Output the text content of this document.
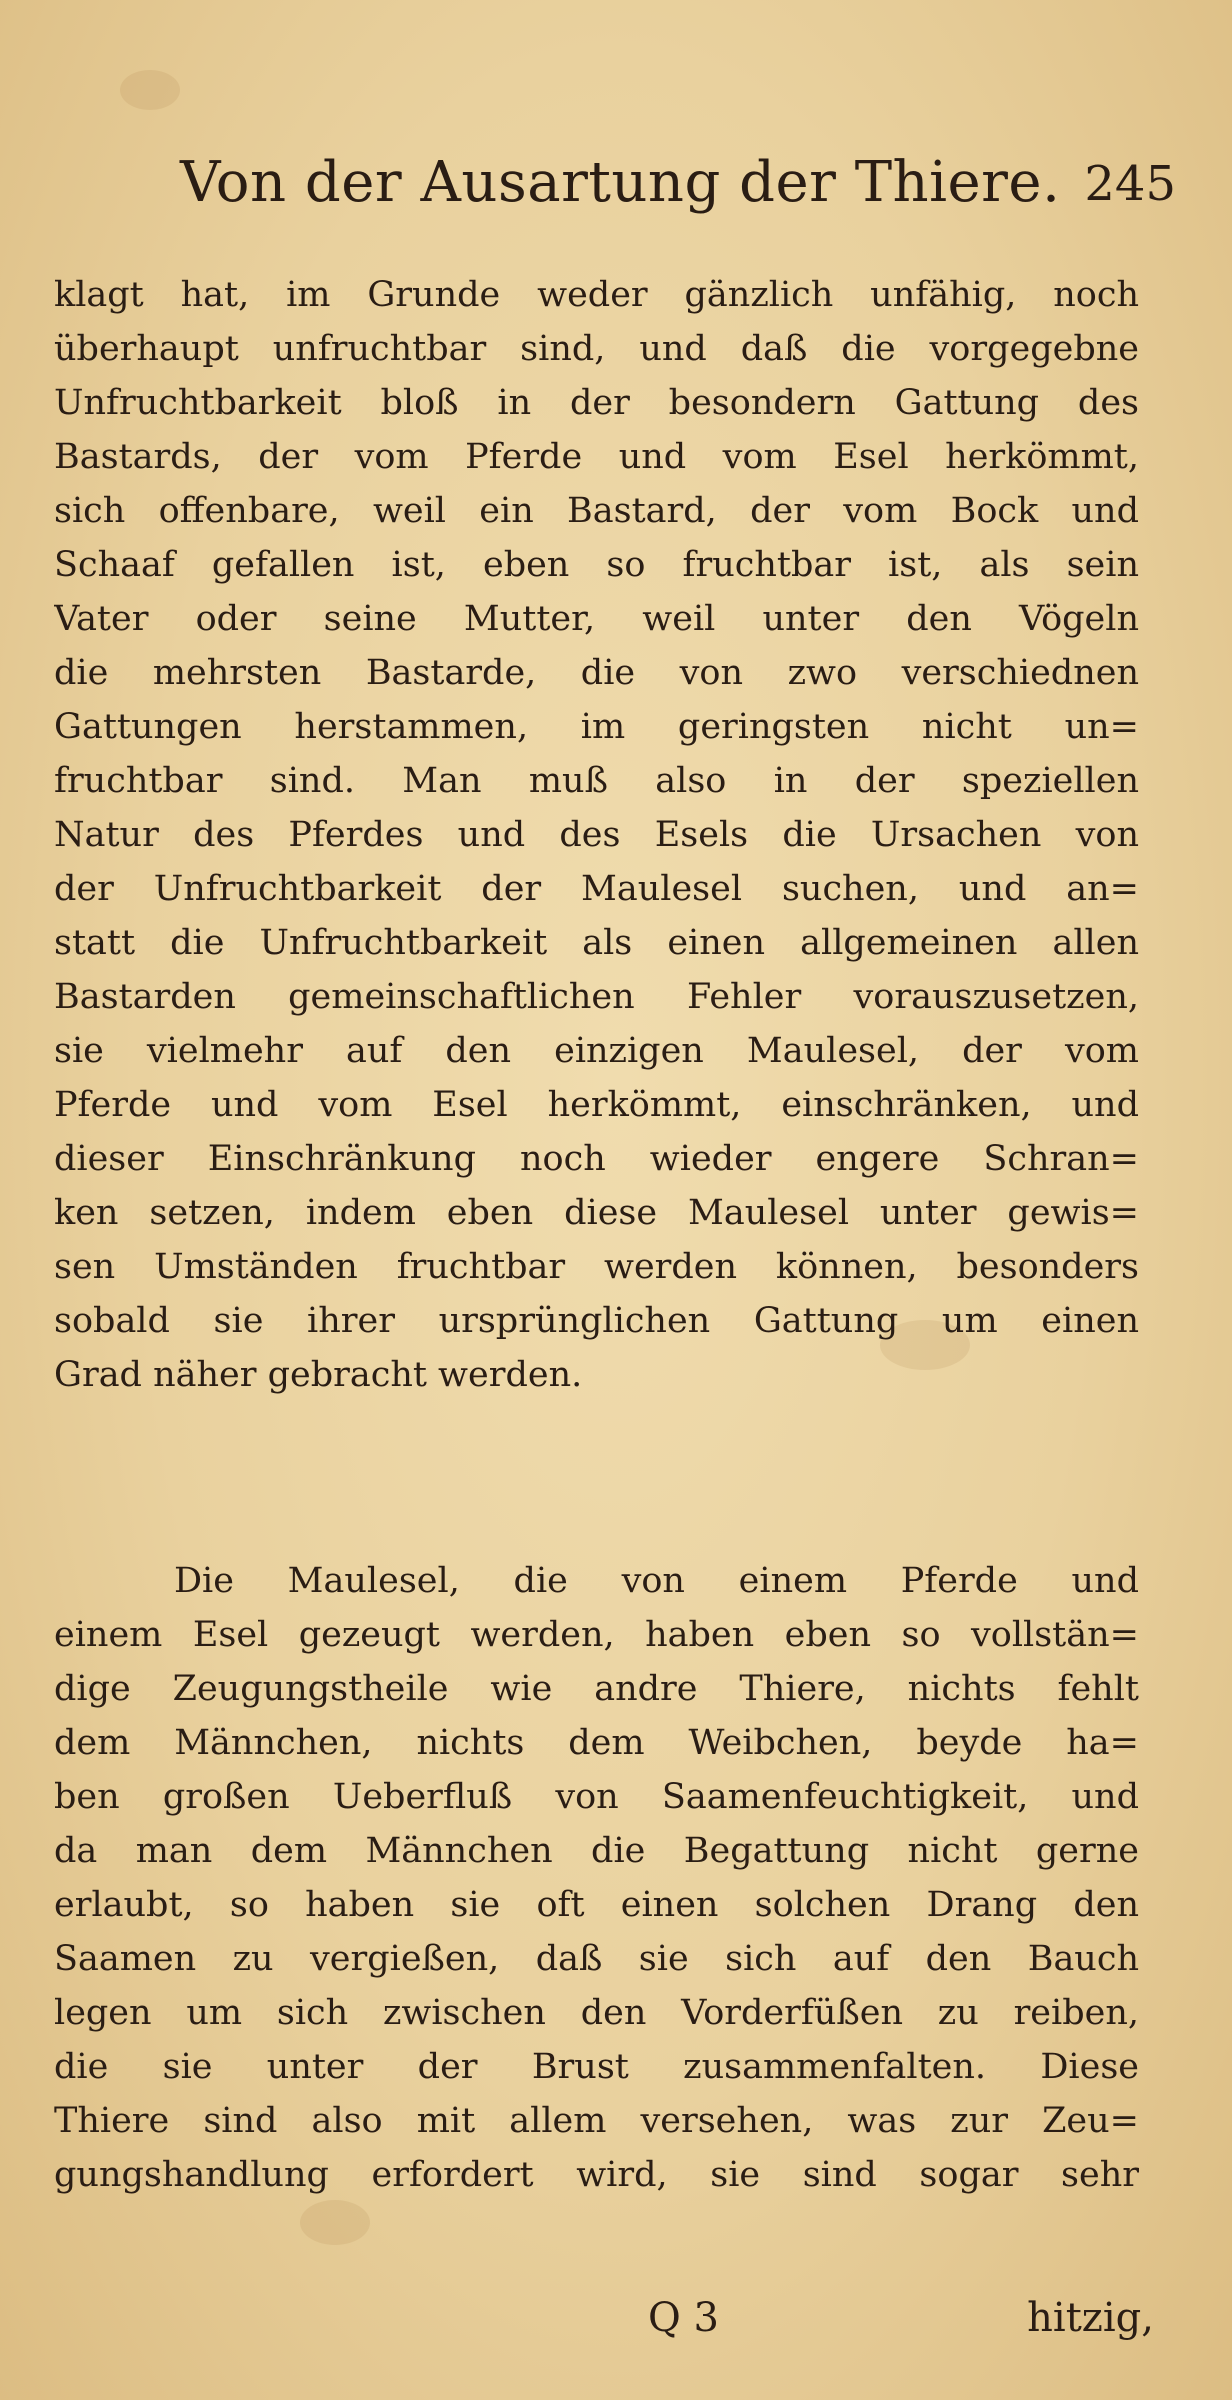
Von der Ausartung der Thiere. 245
klagt hat, im Grunde weder gänzlich unfähig, noch
überhaupt unfruchtbar sind, und daß die vorgegebne
Unfruchtbarkeit bloß in der besondern Gattung des
Bastards, der vom Pferde und vom Esel herkömmt,
sich offenbare, weil ein Bastard, der vom Bock und
Schaaf gefallen ist, eben so fruchtbar ist, als sein
Vater oder seine Mutter, weil unter den Vögeln
die mehrsten Bastarde, die von zwo verschiednen
Gattungen herstammen, im geringsten nicht un=
fruchtbar sind. Man muß also in der speziellen
Natur des Pferdes und des Esels die Ursachen von
der Unfruchtbarkeit der Maulesel suchen, und an=
statt die Unfruchtbarkeit als einen allgemeinen allen
Bastarden gemeinschaftlichen Fehler vorauszusetzen,
sie vielmehr auf den einzigen Maulesel, der vom
Pferde und vom Esel herkömmt, einschränken, und
dieser Einschränkung noch wieder engere Schran=
ken setzen, indem eben diese Maulesel unter gewis=
sen Umständen fruchtbar werden können, besonders
sobald sie ihrer ursprünglichen Gattung um einen
Grad näher gebracht werden.
Die Maulesel, die von einem Pferde und
einem Esel gezeugt werden, haben eben so vollstän=
dige Zeugungstheile wie andre Thiere, nichts fehlt
dem Männchen, nichts dem Weibchen, beyde ha=
ben großen Ueberfluß von Saamenfeuchtigkeit, und
da man dem Männchen die Begattung nicht gerne
erlaubt, so haben sie oft einen solchen Drang den
Saamen zu vergießen, daß sie sich auf den Bauch
legen um sich zwischen den Vorderfüßen zu reiben,
die sie unter der Brust zusammenfalten. Diese
Thiere sind also mit allem versehen, was zur Zeu=
gungshandlung erfordert wird, sie sind sogar sehr
Q 3	hitzig,
